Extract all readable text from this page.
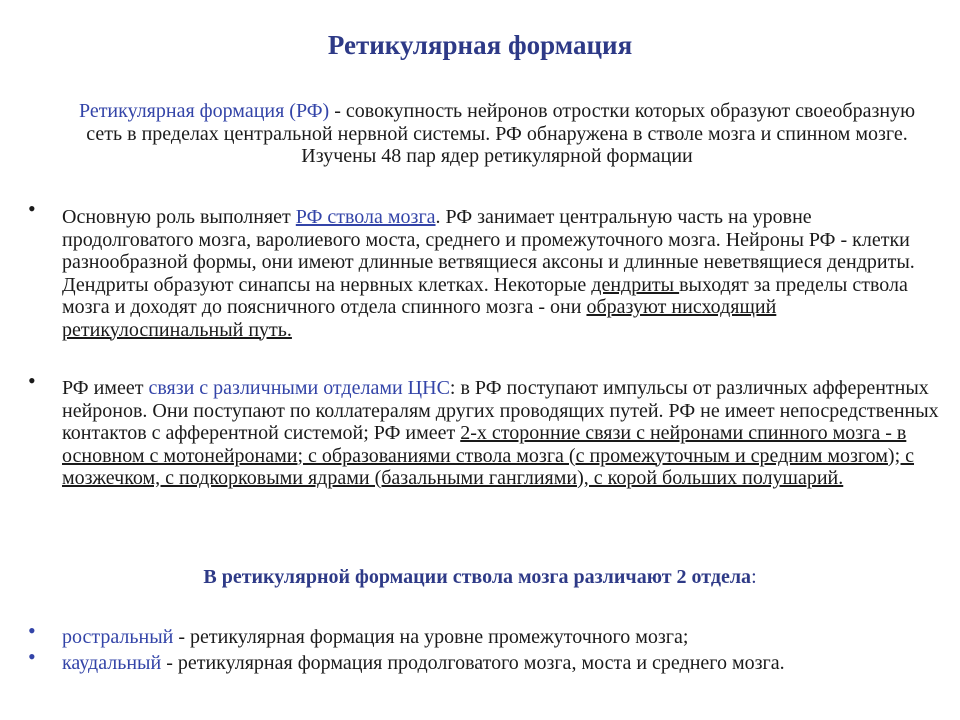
Ретикулярная формация
Ретикулярная формация (РФ) - совокупность нейронов отростки которых образуют своеобразную сеть в пределах центральной нервной системы. РФ обнаружена в стволе мозга и спинном мозге. Изучены 48 пар ядер ретикулярной формации
• Основную роль выполняет РФ ствола мозга. РФ занимает центральную часть на уровне продолговатого мозга, варолиевого моста, среднего и промежуточного мозга. Нейроны РФ - клетки разнообразной формы, они имеют длинные ветвящиеся аксоны и длинные неветвящиеся дендриты. Дендриты образуют синапсы на нервных клетках. Некоторые дендриты выходят за пределы ствола мозга и доходят до поясничного отдела спинного мозга - они образуют нисходящий ретикулоспинальный путь.
• РФ имеет связи с различными отделами ЦНС: в РФ поступают импульсы от различных афферентных нейронов. Они поступают по коллатералям других проводящих путей. РФ не имеет непосредственных контактов с афферентной системой; РФ имеет 2-х сторонние связи с нейронами спинного мозга - в основном с мотонейронами; с образованиями ствола мозга (с промежуточным и средним мозгом); с мозжечком, с подкорковыми ядрами (базальными ганглиями), с корой больших полушарий.
В ретикулярной формации ствола мозга различают 2 отдела:
• ростральный - ретикулярная формация на уровне промежуточного мозга;
• каудальный - ретикулярная формация продолговатого мозга, моста и среднего мозга.
